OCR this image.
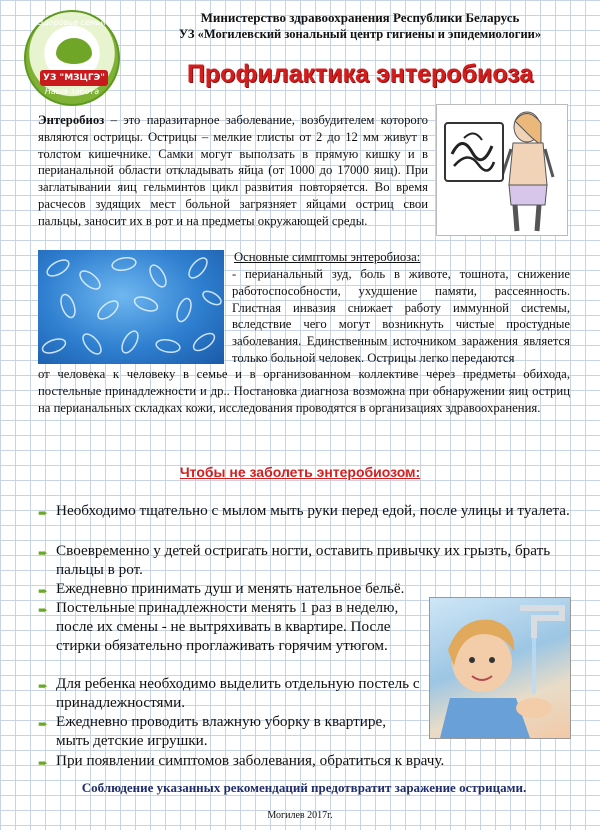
Здоровье семьи
УЗ "МЗЦГЭ"
Наша забота
Министерство здравоохранения Республики Беларусь
УЗ «Могилевский зональный центр гигиены и эпидемиологии»
Профилактика энтеробиоза
Энтеробиоз – это паразитарное заболевание, возбудителем которого являются острицы. Острицы – мелкие глисты от 2 до 12 мм живут в толстом кишечнике. Самки могут выползать в прямую кишку и в перианальной области откладывать яйца (от 1000 до 17000 яиц). При заглатывании яиц гельминтов цикл развития повторяется. Во время расчесов зудящих мест больной загрязняет яйцами остриц свои пальцы, заносит их в рот и на предметы окружающей среды.
Основные симптомы энтеробиоза:
- перианальный зуд, боль в животе, тошнота, снижение работоспособности, ухудшение памяти, рассеянность. Глистная инвазия снижает работу иммунной системы, вследствие чего могут возникнуть чистые простудные заболевания. Единственным источником заражения является только больной человек. Острицы легко передаются
от человека к человеку в семье и в организованном коллективе через предметы обихода, постельные принадлежности и др.. Постановка диагноза возможна при обнаружении яиц остриц на перианальных складках кожи, исследования проводятся в организациях здравоохранения.
Чтобы не заболеть энтеробиозом:
➨ Необходимо тщательно с мылом мыть руки перед едой, после улицы и туалета.
➨ Своевременно у детей остригать ногти, оставить привычку их грызть, брать пальцы в рот.
➨ Ежедневно принимать душ и менять нательное бельё.
➨ Постельные принадлежности менять 1 раз в неделю, после их смены - не вытряхивать в квартире. После стирки обязательно проглаживать горячим утюгом.
➨ Для ребенка необходимо выделить отдельную постель с принадлежностями.
➨ Ежедневно проводить влажную уборку в квартире, мыть детские игрушки.
➨ При появлении симптомов заболевания, обратиться к врачу.
Соблюдение указанных рекомендаций предотвратит заражение острицами.
Могилев 2017г.
